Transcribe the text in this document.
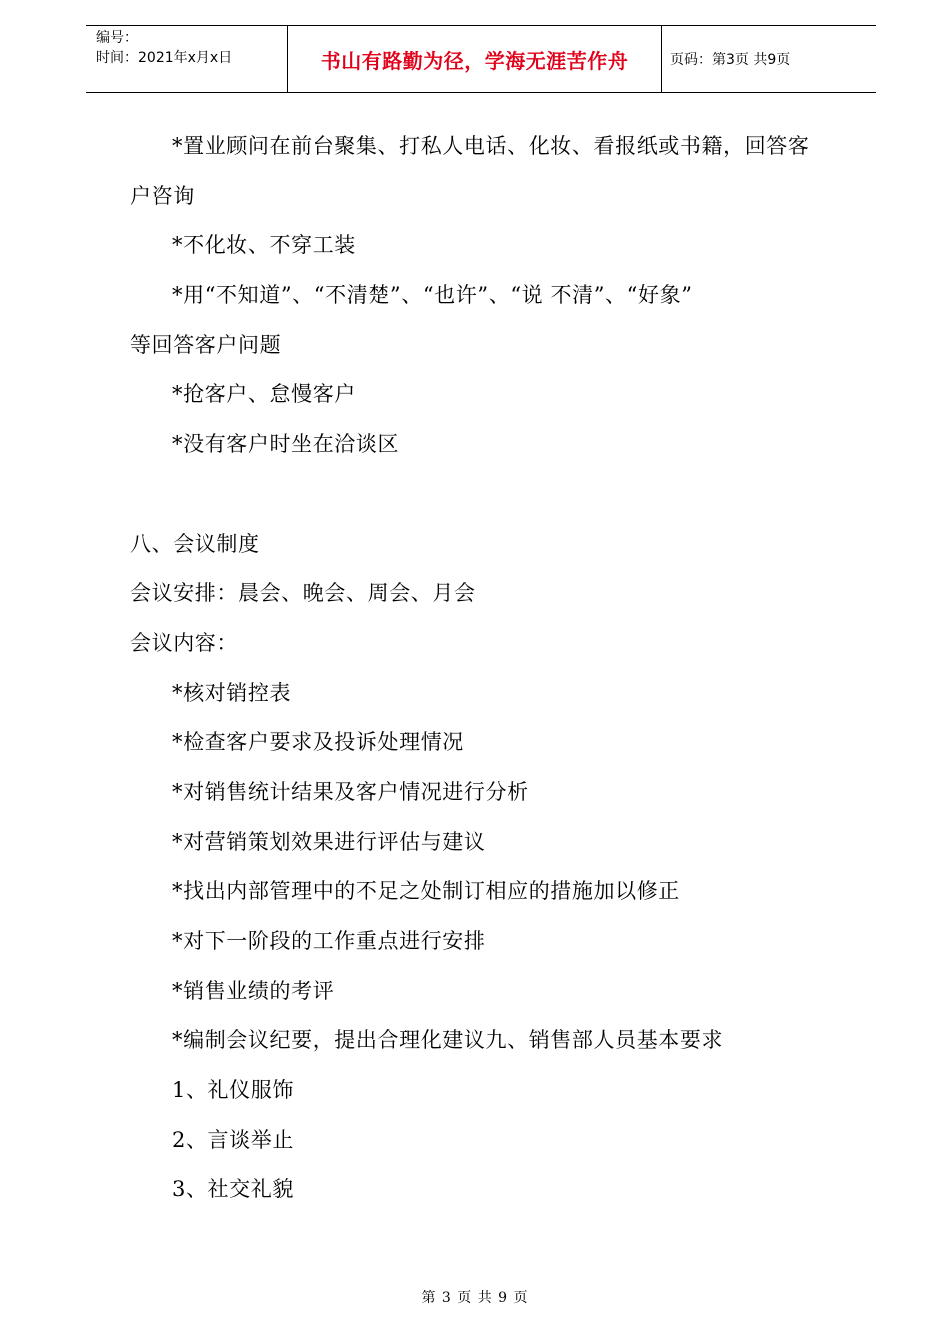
编号：
时间：2021年x月x日	书山有路勤为径，学海无涯苦作舟	页码：第3页 共9页
*置业顾问在前台聚集、打私人电话、化妆、看报纸或书籍，回答客
户咨询
*不化妆、不穿工装
*用“不知道”、“不清楚”、“也许”、“说 不清”、“好象”
等回答客户问题
*抢客户、怠慢客户
*没有客户时坐在洽谈区
八、会议制度
会议安排：晨会、晚会、周会、月会
会议内容：
*核对销控表
*检查客户要求及投诉处理情况
*对销售统计结果及客户情况进行分析
*对营销策划效果进行评估与建议
*找出内部管理中的不足之处制订相应的措施加以修正
*对下一阶段的工作重点进行安排
*销售业绩的考评
*编制会议纪要，提出合理化建议九、销售部人员基本要求
1、礼仪服饰
2、言谈举止
3、社交礼貌
第 3 页 共 9 页
